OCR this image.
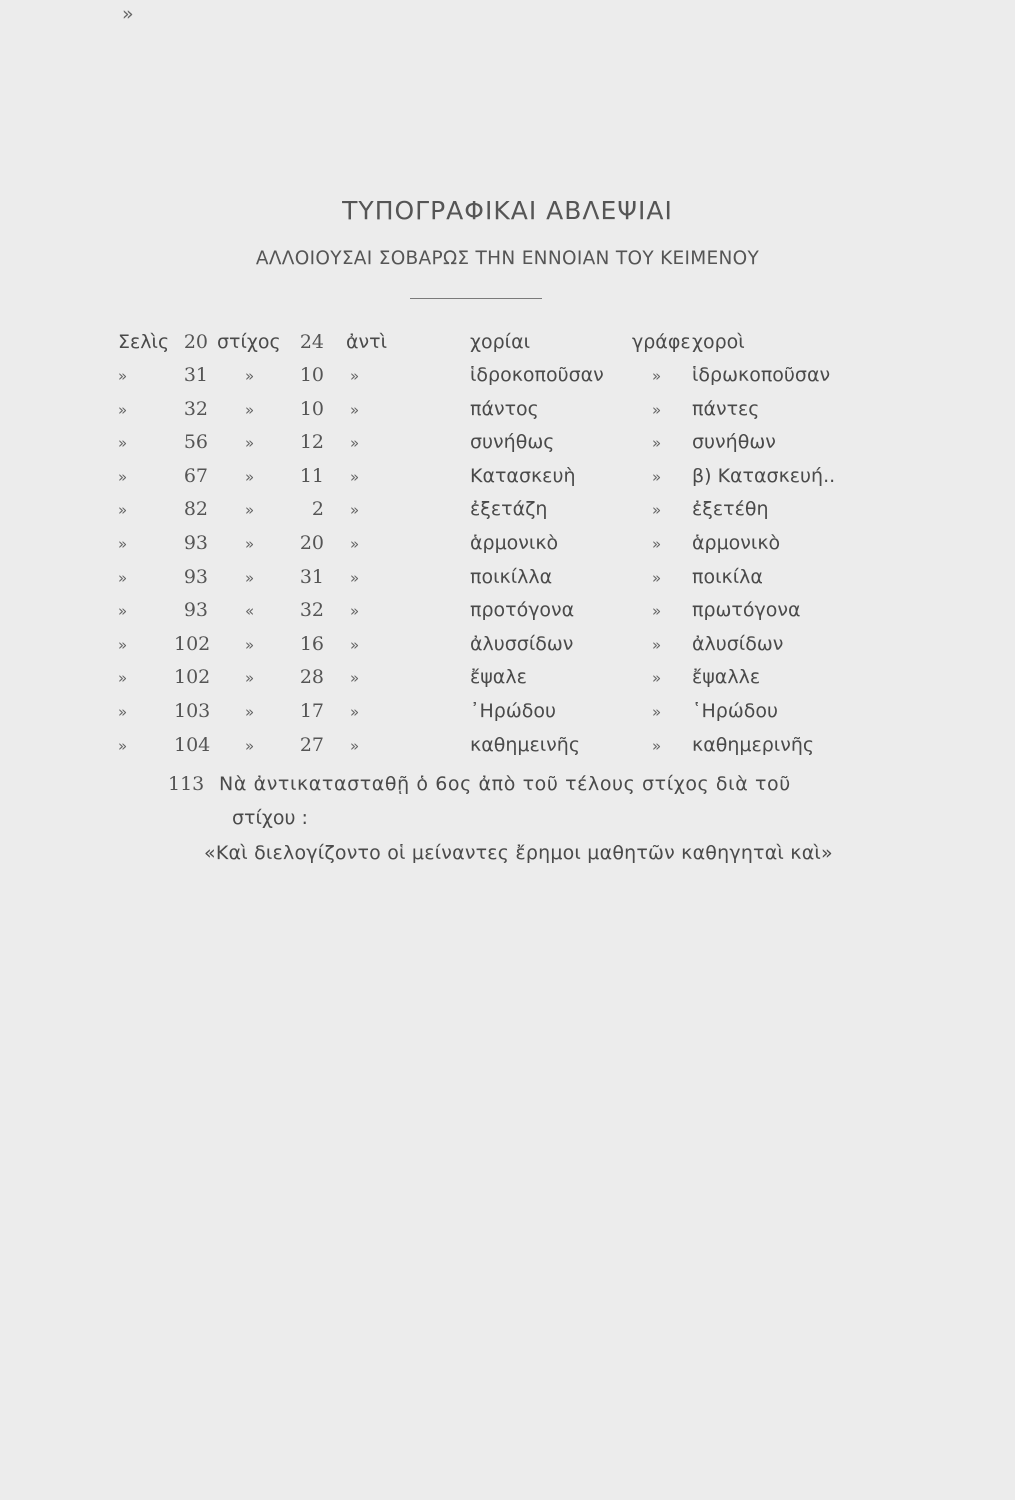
ΤΥΠΟΓΡΑΦΙΚΑΙ ΑΒΛΕΨΙΑΙ
ΑΛΛΟΙΟΥΣΑΙ ΣΟΒΑΡΩΣ ΤΗΝ ΕΝΝΟΙΑΝ ΤΟΥ ΚΕΙΜΕΝΟΥ
Σελὶς 20 στίχος	24 ἀντὶ	χορίαι	γράφε χοροὶ
»	31 »	10 »	ἱδροκοποῦσαν	» ἱδρωκοποῦσαν
»	32 »	10 »	πάντος	» πάντες
»	56 »	12 »	συνήθως	» συνήθων
»	67 »	11 »	Κατασκευὴ	» β) Κατασκευή..
»	82 »	2 »	ἐξετάζη	» ἐξετέθη
»	93 »	20 »	ἁρμονικὸ	» ἁρμονικὸ
»	93 »	31 »	ποικίλλα	» ποικίλα
»	93 «	32 »	προτόγονα	» πρωτόγονα
» 102 »	16 »	ἀλυσσίδων	» ἀλυσίδων
» 102 »	28 »	ἔψαλε	» ἔψαλλε
» 103 »	17 »	᾿Ηρώδου	» ῾Ηρώδου
» 104 »	27 »	καθημεινῆς	» καθημερινῆς
»
113 Νὰ ἀντικατασταθῇ ὁ 6ος ἀπὸ τοῦ τέλους στίχος διὰ τοῦ
στίχου :
«Καὶ διελογίζοντο οἱ μείναντες ἔρημοι μαθητῶν καθηγηταὶ καὶ»
